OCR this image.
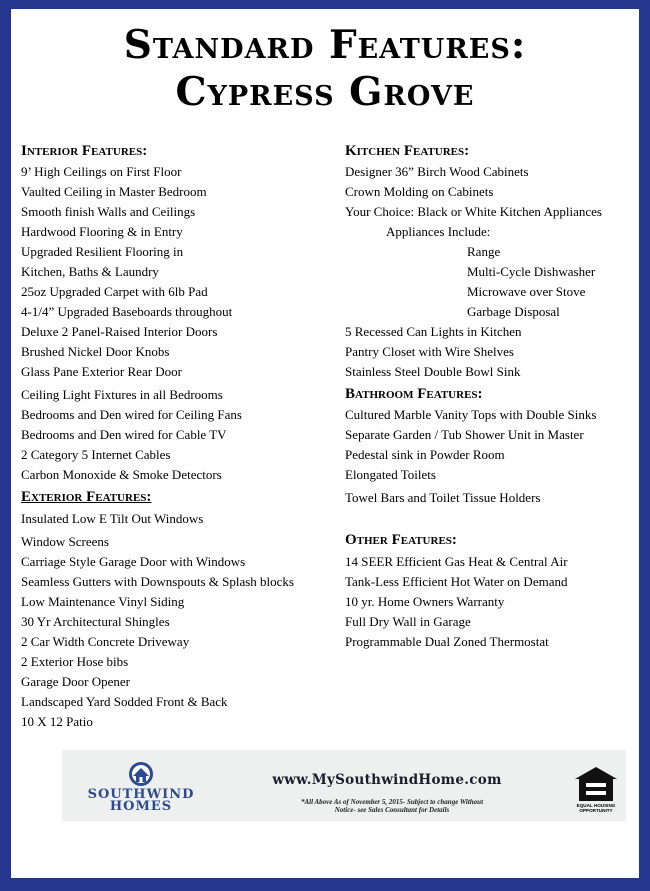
Standard Features:
Cypress Grove
Interior Features:
9’ High Ceilings on First Floor
Vaulted Ceiling in Master Bedroom
Smooth finish Walls and Ceilings
Hardwood Flooring & in Entry
Upgraded Resilient Flooring in
Kitchen, Baths & Laundry
25oz Upgraded Carpet with 6lb Pad
4-1/4” Upgraded Baseboards throughout
Deluxe 2 Panel-Raised Interior Doors
Brushed Nickel Door Knobs
Glass Pane Exterior Rear Door
Ceiling Light Fixtures in all Bedrooms
Bedrooms and Den wired for Ceiling Fans
Bedrooms and Den wired for Cable TV
2 Category 5 Internet Cables
Carbon Monoxide & Smoke Detectors
Exterior Features:
Insulated Low E Tilt Out Windows
Window Screens
Carriage Style Garage Door with Windows
Seamless Gutters with Downspouts & Splash blocks
Low Maintenance Vinyl Siding
30 Yr Architectural Shingles
2 Car Width Concrete Driveway
2 Exterior Hose bibs
Garage Door Opener
Landscaped Yard Sodded Front & Back
10 X 12 Patio
Kitchen Features:
Designer 36” Birch Wood Cabinets
Crown Molding on Cabinets
Your Choice: Black or White Kitchen Appliances
Appliances Include:
Range
Multi-Cycle Dishwasher
Microwave over Stove
Garbage Disposal
5 Recessed Can Lights in Kitchen
Pantry Closet with Wire Shelves
Stainless Steel Double Bowl Sink
Bathroom Features:
Cultured Marble Vanity Tops with Double Sinks
Separate Garden / Tub Shower Unit in Master
Pedestal sink in Powder Room
Elongated Toilets
Towel Bars and Toilet Tissue Holders
Other Features:
14 SEER Efficient Gas Heat & Central Air
Tank-Less Efficient Hot Water on Demand
10 yr. Home Owners Warranty
Full Dry Wall in Garage
Programmable Dual Zoned Thermostat
SOUTHWIND
HOMES
www.MySouthwindHome.com
*All Above As of November 5, 2015- Subject to change Without
Notice- see Sales Consultant for Details
EQUAL HOUSING
OPPORTUNITY
